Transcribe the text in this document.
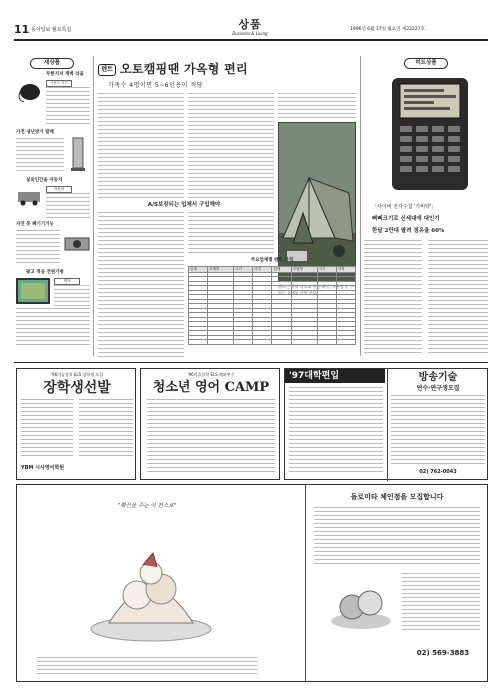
11 동아일보 월요특집	상품
Business & Living
1996년 6월 17일 월요일 제23227호
새상품
무한지저 게벽 라웁
사운드 카드
가전 냉난방기 발매
실외인간을 자동차
자동차
자연 풍 폐기기기능
광고 적응 전원가방
액자
텐트 오토캠핑땐 가옥형 편리
가족수 4명이면 5∼6인용이 적당
텐트는 바닥 강도와 통풍 확인, 사용할 준 수 있는 집테를 사야 한다.
A/S보장되는 업체서 구입해야
주요업체별 텐트 가격
업체	모델명	크기	가격	업체	모델명	크기	가격

히트상품
「사이버 전자수첩 '가비텍'」
삐삐크기로 신세대에 대인기
한달 2만대 팔려 점유율 60%
'96미술장학 ELS 장학생 모집
장학생선발
YBM 시사영어학원
'96미술장학 ELS 해외연수
청소년 영어 CAMP
'97대학편입	방송기술
연수·연구생모집
02) 762-0043
"확신을 주는 이 전스로"
돌로미타 체인점을 모집합니다
02) 569-3883
